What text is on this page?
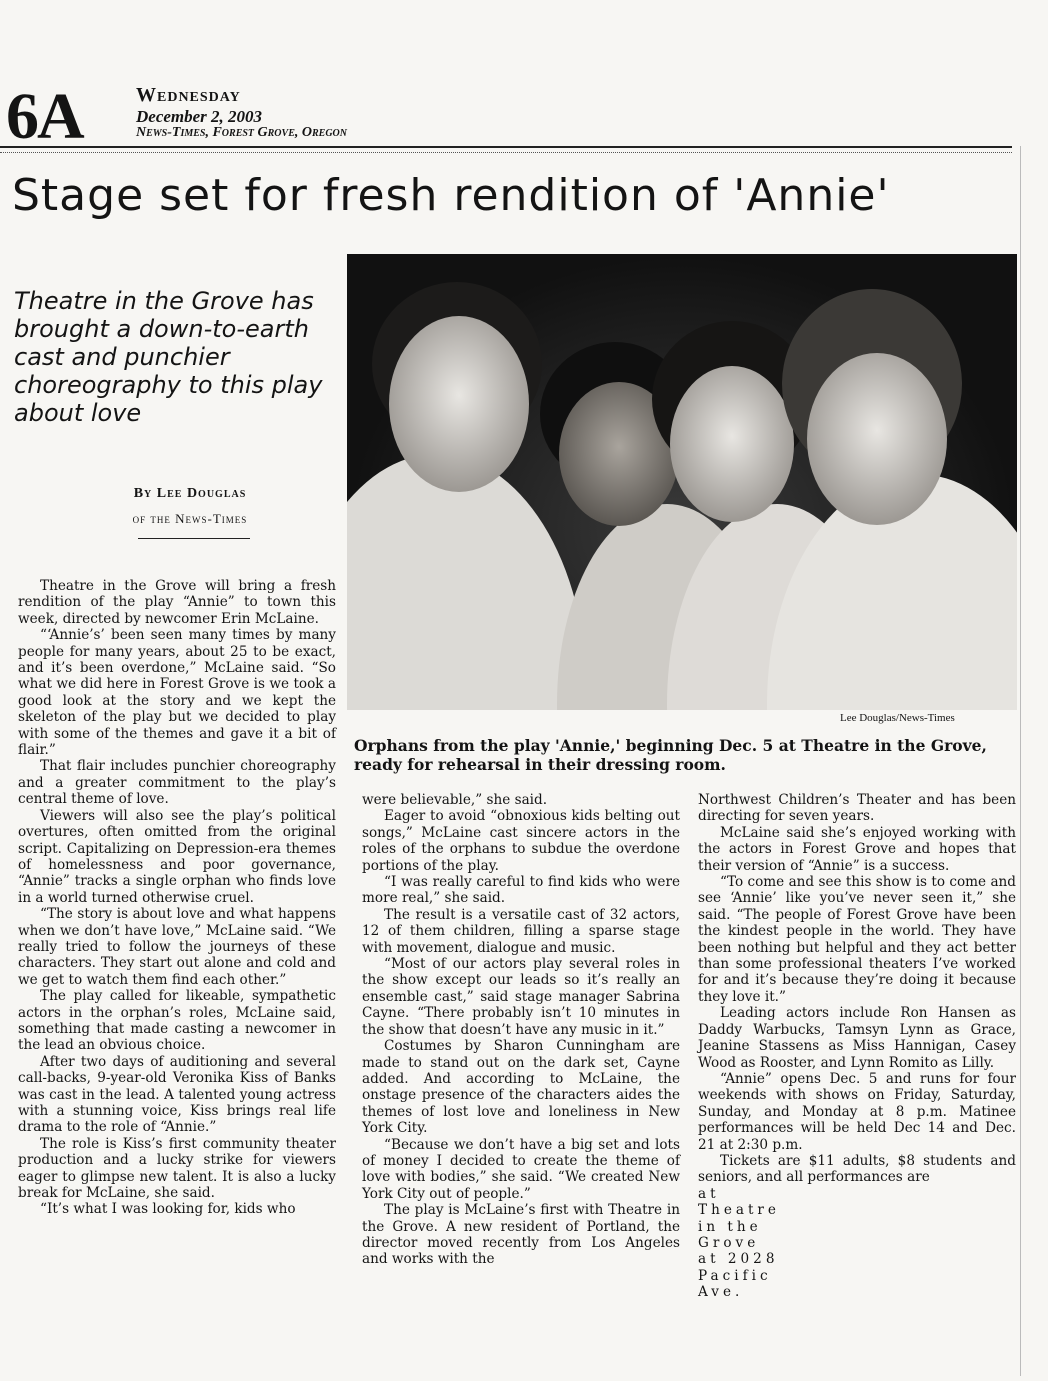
6A	Wednesday
December 2, 2003
News-Times, Forest Grove, Oregon
Stage set for fresh rendition of 'Annie'
Theatre in the Grove has brought a down-to-earth cast and punchier choreography to this play about love
By Lee Douglas
of the News-Times
Lee Douglas/News-Times
Orphans from the play 'Annie,' beginning Dec. 5 at Theatre in the Grove, ready for rehearsal in their dressing room.

Theatre in the Grove will bring a fresh rendition of the play “Annie” to town this week, directed by newcomer Erin McLaine.

“‘Annie’s’ been seen many times by many people for many years, about 25 to be exact, and it’s been overdone,” McLaine said. “So what we did here in Forest Grove is we took a good look at the story and we kept the skeleton of the play but we decided to play with some of the themes and gave it a bit of flair.”

That flair includes punchier choreography and a greater commitment to the play’s central theme of love.

Viewers will also see the play’s political overtures, often omitted from the original script. Capitalizing on Depression-era themes of homelessness and poor governance, “Annie” tracks a single orphan who finds love in a world turned otherwise cruel.

“The story is about love and what happens when we don’t have love,” McLaine said. “We really tried to follow the journeys of these characters. They start out alone and cold and we get to watch them find each other.”

The play called for likeable, sympathetic actors in the orphan’s roles, McLaine said, something that made casting a newcomer in the lead an obvious choice.

After two days of auditioning and several call-backs, 9-year-old Veronika Kiss of Banks was cast in the lead. A talented young actress with a stunning voice, Kiss brings real life drama to the role of “Annie.”

The role is Kiss’s first community theater production and a lucky strike for viewers eager to glimpse new talent. It is also a lucky break for McLaine, she said.

“It’s what I was looking for, kids who

were believable,” she said.

Eager to avoid “obnoxious kids belting out songs,” McLaine cast sincere actors in the roles of the orphans to subdue the overdone portions of the play.

“I was really careful to find kids who were more real,” she said.

The result is a versatile cast of 32 actors, 12 of them children, filling a sparse stage with movement, dialogue and music.

“Most of our actors play several roles in the show except our leads so it’s really an ensemble cast,” said stage manager Sabrina Cayne. “There probably isn’t 10 minutes in the show that doesn’t have any music in it.”

Costumes by Sharon Cunningham are made to stand out on the dark set, Cayne added. And according to McLaine, the onstage presence of the characters aides the themes of lost love and loneliness in New York City.

“Because we don’t have a big set and lots of money I decided to create the theme of love with bodies,” she said. “We created New York City out of people.”

The play is McLaine’s first with Theatre in the Grove. A new resident of Portland, the director moved recently from Los Angeles and works with the

Northwest Children’s Theater and has been directing for seven years.

McLaine said she’s enjoyed working with the actors in Forest Grove and hopes that their version of “Annie” is a success.

“To come and see this show is to come and see ‘Annie’ like you’ve never seen it,” she said. “The people of Forest Grove have been the kindest people in the world. They have been nothing but helpful and they act better than some professional theaters I’ve worked for and it’s because they’re doing it because they love it.”

Leading actors include Ron Hansen as Daddy Warbucks, Tamsyn Lynn as Grace, Jeanine Stassens as Miss Hannigan, Casey Wood as Rooster, and Lynn Romito as Lilly.

“Annie” opens Dec. 5 and runs for four weekends with shows on Friday, Saturday, Sunday, and Monday at 8 p.m. Matinee performances will be held Dec 14 and Dec. 21 at 2:30 p.m.

Tickets are $11 adults, $8 students and seniors, and all performances are

at Theatre in the Grove at 2028 Pacific Ave.
